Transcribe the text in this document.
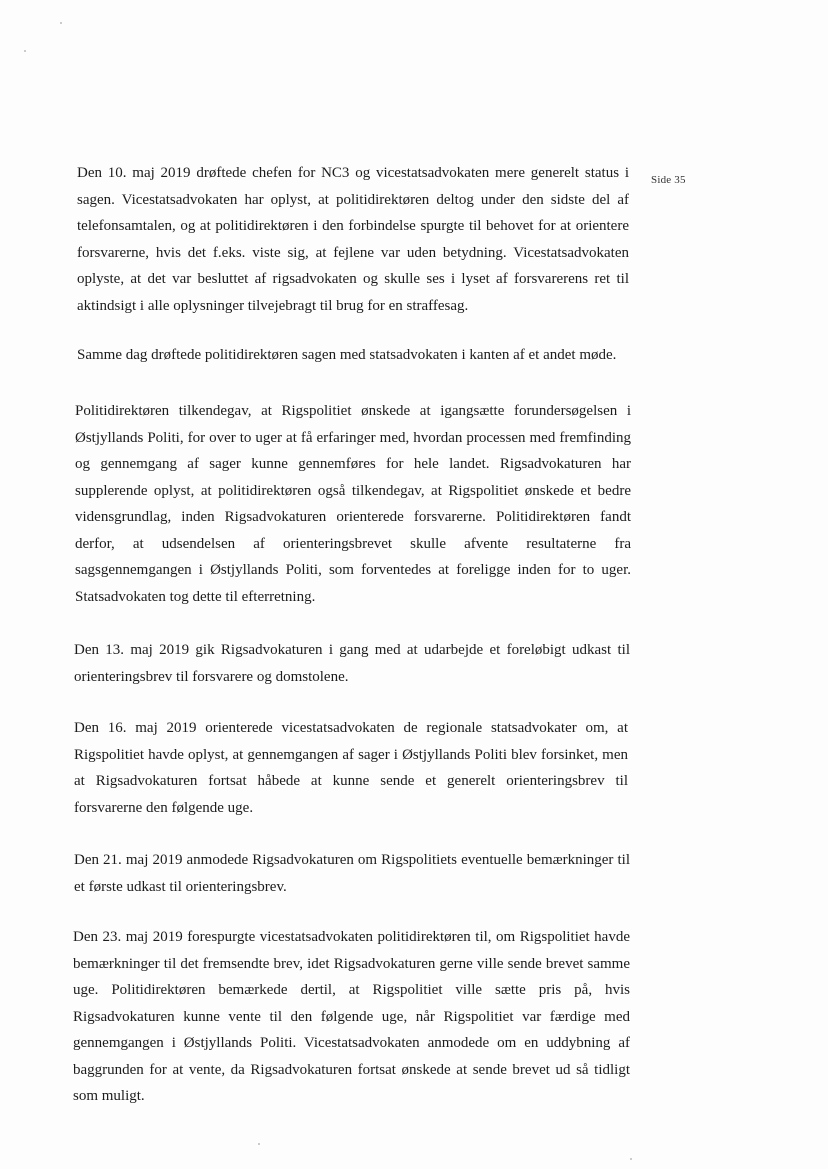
Side 35

Den 10. maj 2019 drøftede chefen for NC3 og vicestatsadvokaten mere generelt status i sagen. Vicestatsadvokaten har oplyst, at politidirektøren deltog under den sidste del af telefonsamtalen, og at politidirektøren i den forbindelse spurgte til behovet for at orientere forsvarerne, hvis det f.eks. viste sig, at fejlene var uden betydning. Vicestatsadvokaten oplyste, at det var besluttet af rigsadvokaten og skulle ses i lyset af forsvarerens ret til aktindsigt i alle oplysninger tilvejebragt til brug for en straffesag.

Samme dag drøftede politidirektøren sagen med statsadvokaten i kanten af et andet møde.

Politidirektøren tilkendegav, at Rigspolitiet ønskede at igangsætte forundersøgelsen i Østjyllands Politi, for over to uger at få erfaringer med, hvordan processen med fremfinding og gennemgang af sager kunne gennemføres for hele landet. Rigsadvokaturen har supplerende oplyst, at politidirektøren også tilkendegav, at Rigspolitiet ønskede et bedre vidensgrundlag, inden Rigsadvokaturen orienterede forsvarerne. Politidirektøren fandt derfor, at udsendelsen af orienteringsbrevet skulle afvente resultaterne fra sagsgennemgangen i Østjyllands Politi, som forventedes at foreligge inden for to uger. Statsadvokaten tog dette til efterretning.

Den 13. maj 2019 gik Rigsadvokaturen i gang med at udarbejde et foreløbigt udkast til orienteringsbrev til forsvarere og domstolene.

Den 16. maj 2019 orienterede vicestatsadvokaten de regionale statsadvokater om, at Rigspolitiet havde oplyst, at gennemgangen af sager i Østjyllands Politi blev forsinket, men at Rigsadvokaturen fortsat håbede at kunne sende et generelt orienteringsbrev til forsvarerne den følgende uge.

Den 21. maj 2019 anmodede Rigsadvokaturen om Rigspolitiets eventuelle bemærkninger til et første udkast til orienteringsbrev.

Den 23. maj 2019 forespurgte vicestatsadvokaten politidirektøren til, om Rigspolitiet havde bemærkninger til det fremsendte brev, idet Rigsadvokaturen gerne ville sende brevet samme uge. Politidirektøren bemærkede dertil, at Rigspolitiet ville sætte pris på, hvis Rigsadvokaturen kunne vente til den følgende uge, når Rigspolitiet var færdige med gennemgangen i Østjyllands Politi. Vicestatsadvokaten anmodede om en uddybning af baggrunden for at vente, da Rigsadvokaturen fortsat ønskede at sende brevet ud så tidligt som muligt.
